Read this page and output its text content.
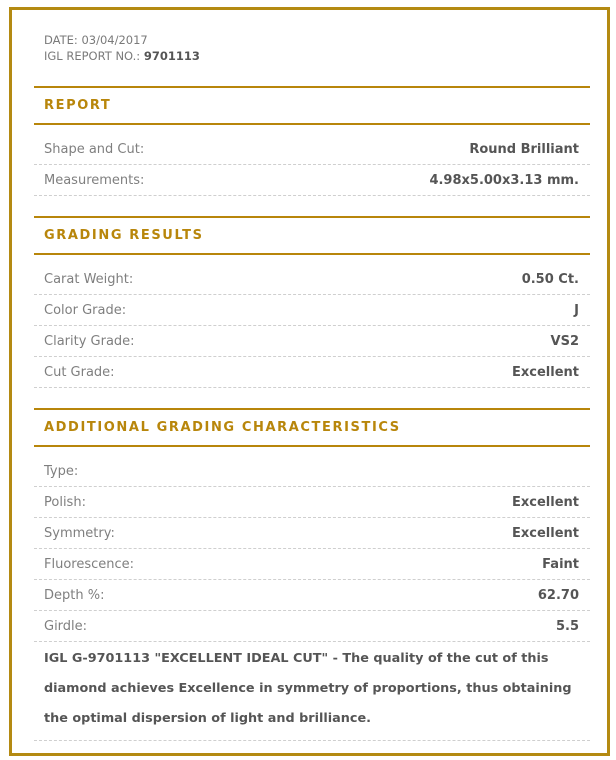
DATE: 03/04/2017
IGL REPORT NO.: 9701113
REPORT
Shape and Cut:	Round Brilliant
Measurements:	4.98x5.00x3.13 mm.
GRADING RESULTS
Carat Weight:	0.50 Ct.
Color Grade:	J
Clarity Grade:	VS2
Cut Grade:	Excellent
ADDITIONAL GRADING CHARACTERISTICS
Type:
Polish:	Excellent
Symmetry:	Excellent
Fluorescence:	Faint
Depth %:	62.70
Girdle:	5.5
IGL G-9701113 "EXCELLENT IDEAL CUT" - The quality of the cut of this diamond achieves Excellence in symmetry of proportions, thus obtaining the optimal dispersion of light and brilliance.
